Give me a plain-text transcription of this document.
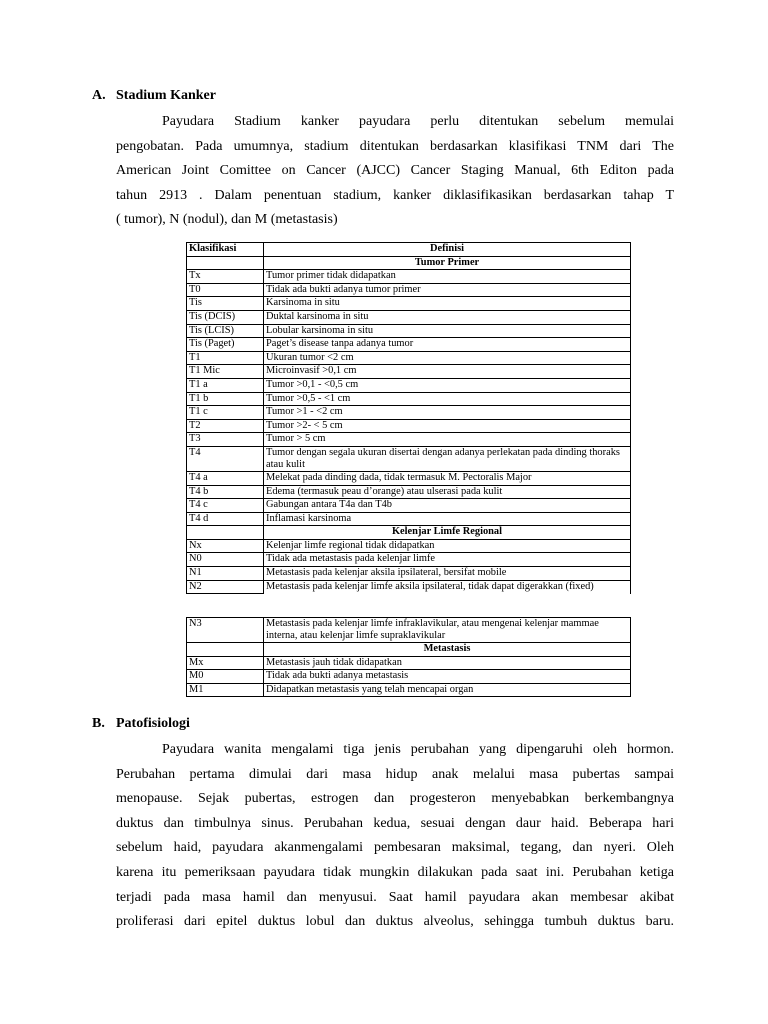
A. Stadium Kanker
Payudara Stadium kanker payudara perlu ditentukan sebelum memulai
pengobatan. Pada umumnya, stadium ditentukan berdasarkan klasifikasi TNM dari The
American Joint Comittee on Cancer (AJCC) Cancer Staging Manual, 6th Editon pada
tahun 2913 . Dalam penentuan stadium, kanker diklasifikasikan berdasarkan tahap T
( tumor), N (nodul), dan M (metastasis)
Klasifikasi	Definisi
	Tumor Primer
Tx	Tumor primer tidak didapatkan
T0	Tidak ada bukti adanya tumor primer
Tis	Karsinoma in situ
Tis (DCIS)	Duktal karsinoma in situ
Tis (LCIS)	Lobular karsinoma in situ
Tis (Paget)	Paget’s disease tanpa adanya tumor
T1	Ukuran tumor <2 cm
T1 Mic	Microinvasif >0,1 cm
T1 a	Tumor >0,1 - <0,5 cm
T1 b	Tumor >0,5 - <1 cm
T1 c	Tumor >1 - <2 cm
T2	Tumor >2- < 5 cm
T3	Tumor > 5 cm
T4	Tumor dengan segala ukuran disertai dengan adanya perlekatan pada dinding thoraks atau kulit
T4 a	Melekat pada dinding dada, tidak termasuk M. Pectoralis Major
T4 b	Edema (termasuk peau d’orange) atau ulserasi pada kulit
T4 c	Gabungan antara T4a dan T4b
T4 d	Inflamasi karsinoma
	Kelenjar Limfe Regional
Nx	Kelenjar limfe regional tidak didapatkan
N0	Tidak ada metastasis pada kelenjar limfe
N1	Metastasis pada kelenjar aksila ipsilateral, bersifat mobile
N2	Metastasis pada kelenjar limfe aksila ipsilateral, tidak dapat digerakkan (fixed)
N3	Metastasis pada kelenjar limfe infraklavikular, atau mengenai kelenjar mammae interna, atau kelenjar limfe supraklavikular
	Metastasis
Mx	Metastasis jauh tidak didapatkan
M0	Tidak ada bukti adanya metastasis
M1	Didapatkan metastasis yang telah mencapai organ
B. Patofisiologi
Payudara wanita mengalami tiga jenis perubahan yang dipengaruhi oleh hormon.
Perubahan pertama dimulai dari masa hidup anak melalui masa pubertas sampai
menopause. Sejak pubertas, estrogen dan progesteron menyebabkan berkembangnya
duktus dan timbulnya sinus. Perubahan kedua, sesuai dengan daur haid. Beberapa hari
sebelum haid, payudara akanmengalami pembesaran maksimal, tegang, dan nyeri. Oleh
karena itu pemeriksaan payudara tidak mungkin dilakukan pada saat ini. Perubahan ketiga
terjadi pada masa hamil dan menyusui. Saat hamil payudara akan membesar akibat
proliferasi dari epitel duktus lobul dan duktus alveolus, sehingga tumbuh duktus baru.
